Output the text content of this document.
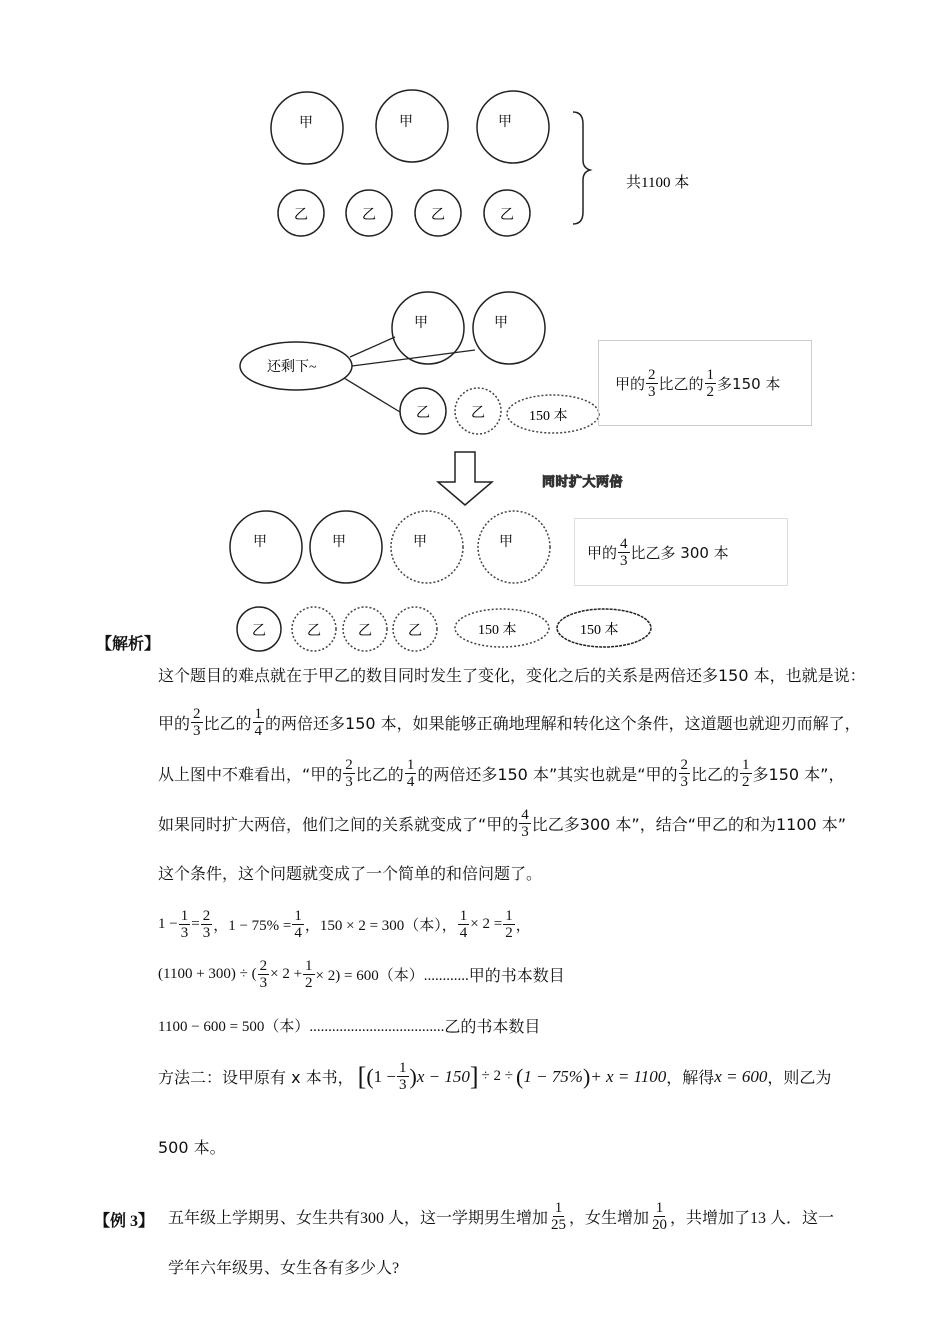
甲	甲	甲
乙	乙	乙	乙
共1100 本
还剩下~
甲	甲
乙	乙	150 本
甲的 $\frac{2}{3}$ 比乙的 $\frac{1}{2}$ 多150 本
同时扩大两倍
甲	甲	甲	甲
乙	乙	乙	乙	150 本	150 本
甲的 $\frac{4}{3}$ 比乙多 300 本
【解析】
这个题目的难点就在于甲乙的数目同时发生了变化，变化之后的关系是两倍还多150 本，也就是说：
甲的 $\frac{2}{3}$ 比乙的 $\frac{1}{4}$ 的两倍还多150 本，如果能够正确地理解和转化这个条件，这道题也就迎刃而解了，
从上图中不难看出，“甲的 $\frac{2}{3}$ 比乙的 $\frac{1}{4}$ 的两倍还多150 本”其实也就是“甲的 $\frac{2}{3}$ 比乙的 $\frac{1}{2}$ 多150 本”，
如果同时扩大两倍，他们之间的关系就变成了“甲的 $\frac{4}{3}$ 比乙多300 本”，结合“甲乙的和为1100 本”
这个条件，这个问题就变成了一个简单的和倍问题了。
$1 - \frac{1}{3} = \frac{2}{3}$ ，$1 - 75\% = \frac{1}{4}$ ，150 × 2 = 300（本）， $\frac{1}{4} \times 2 = \frac{1}{2}$ ，
(1100 + 300) ÷ ( $\frac{2}{3} \times 2 + \frac{1}{2} \times 2) = 600$（本）............ 甲的书本数目
1100 − 600 = 500（本）.................................... 乙的书本数目
方法二：设甲原有 x 本书， [ ( $1 - \frac{1}{3}$ ) x − 150 ] ÷ 2 ÷ ( 1 − 75% ) + x = 1100 ，解得 x = 600 ，则乙为
500 本。
【例 3】 五年级上学期男、女生共有300 人，这一学期男生增加 $\frac{1}{25}$ ，女生增加 $\frac{1}{20}$ ，共增加了13 人．这一
学年六年级男、女生各有多少人?
